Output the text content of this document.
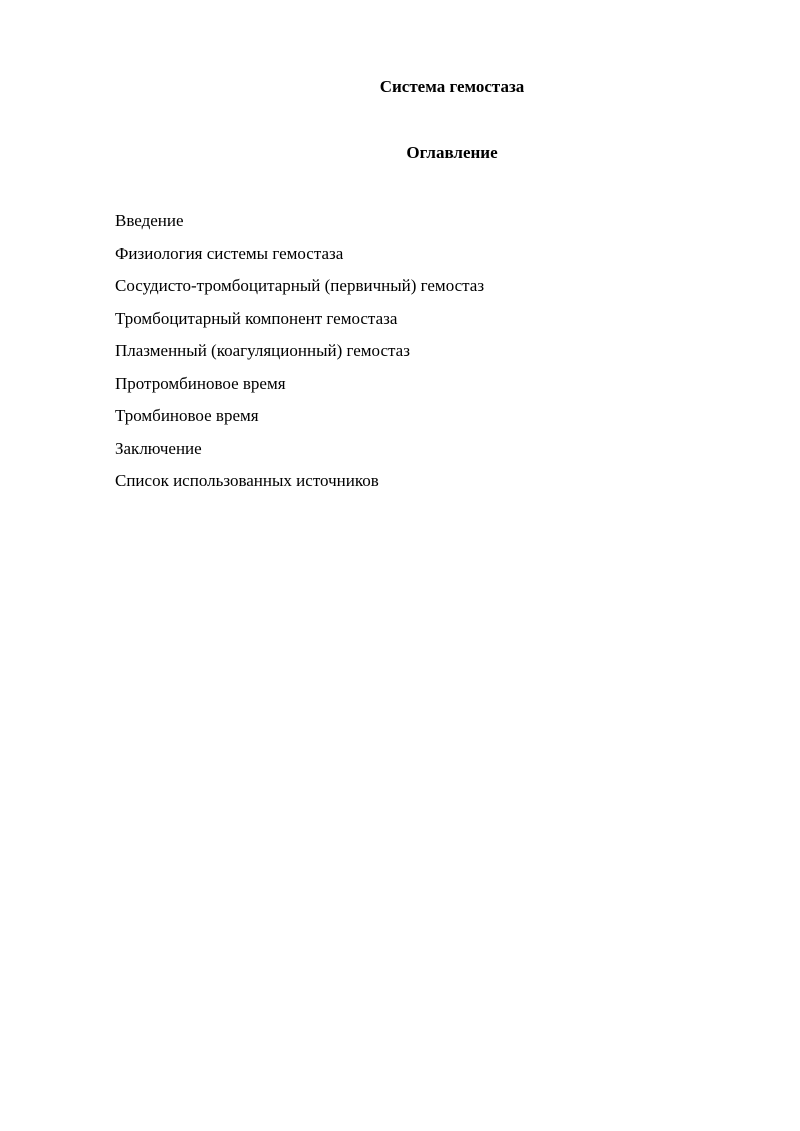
Система гемостаза
Оглавление
Введение
Физиология системы гемостаза
Сосудисто-тромбоцитарный (первичный) гемостаз
Тромбоцитарный компонент гемостаза
Плазменный (коагуляционный) гемостаз
Протромбиновое время
Тромбиновое время
Заключение
Список использованных источников
